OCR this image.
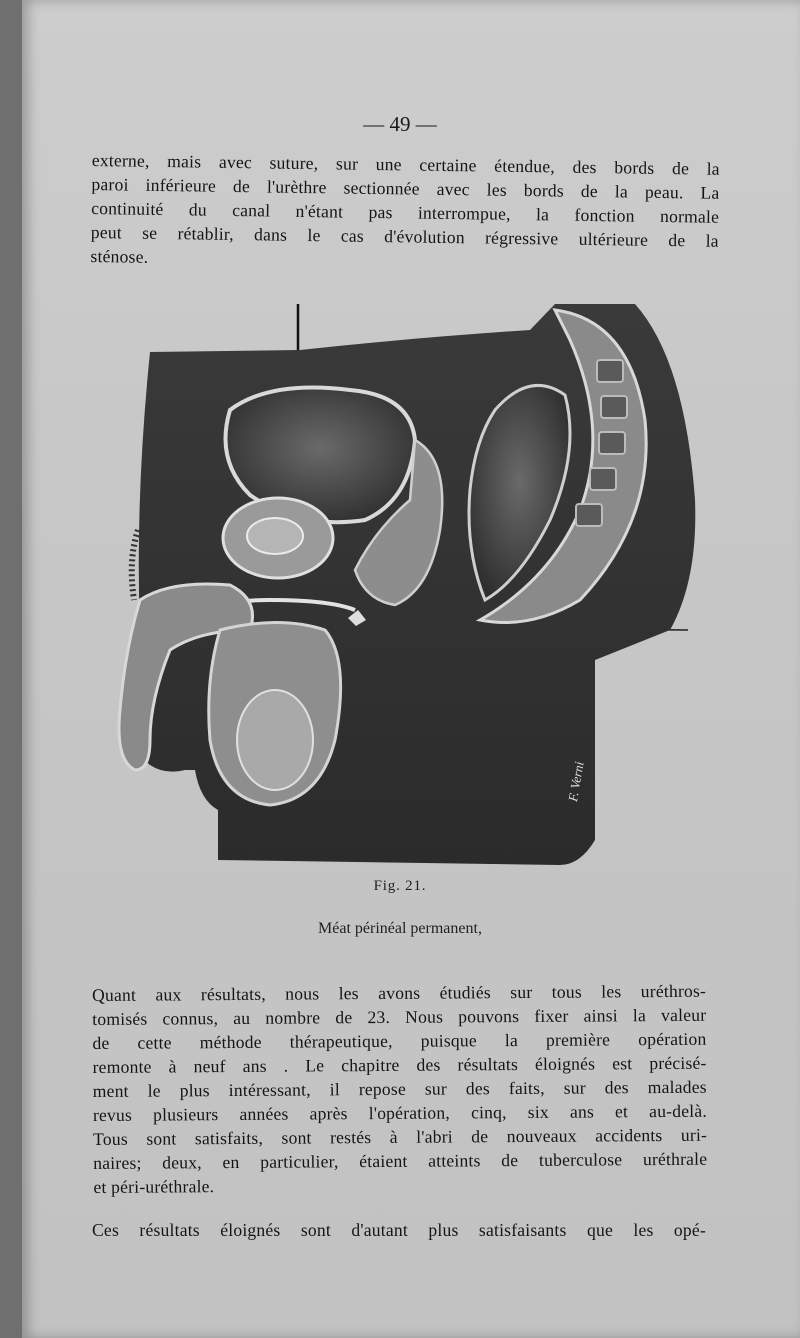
— 49 —
externe, mais avec suture, sur une certaine étendue, des bords de la
paroi inférieure de l'urèthre sectionnée avec les bords de la peau. La
continuité du canal n'étant pas interrompue, la fonction normale
peut se rétablir, dans le cas d'évolution régressive ultérieure de la
sténose.
F. Verni
Fig. 21.
Méat périnéal permanent,
Quant aux résultats, nous les avons étudiés sur tous les uréthros-
tomisés connus, au nombre de 23. Nous pouvons fixer ainsi la valeur
de cette méthode thérapeutique, puisque la première opération
remonte à neuf ans . Le chapitre des résultats éloignés est précisé-
ment le plus intéressant, il repose sur des faits, sur des malades
revus plusieurs années après l'opération, cinq, six ans et au-delà.
Tous sont satisfaits, sont restés à l'abri de nouveaux accidents uri-
naires; deux, en particulier, étaient atteints de tuberculose uréthrale
et péri-uréthrale.
Ces résultats éloignés sont d'autant plus satisfaisants que les opé-
